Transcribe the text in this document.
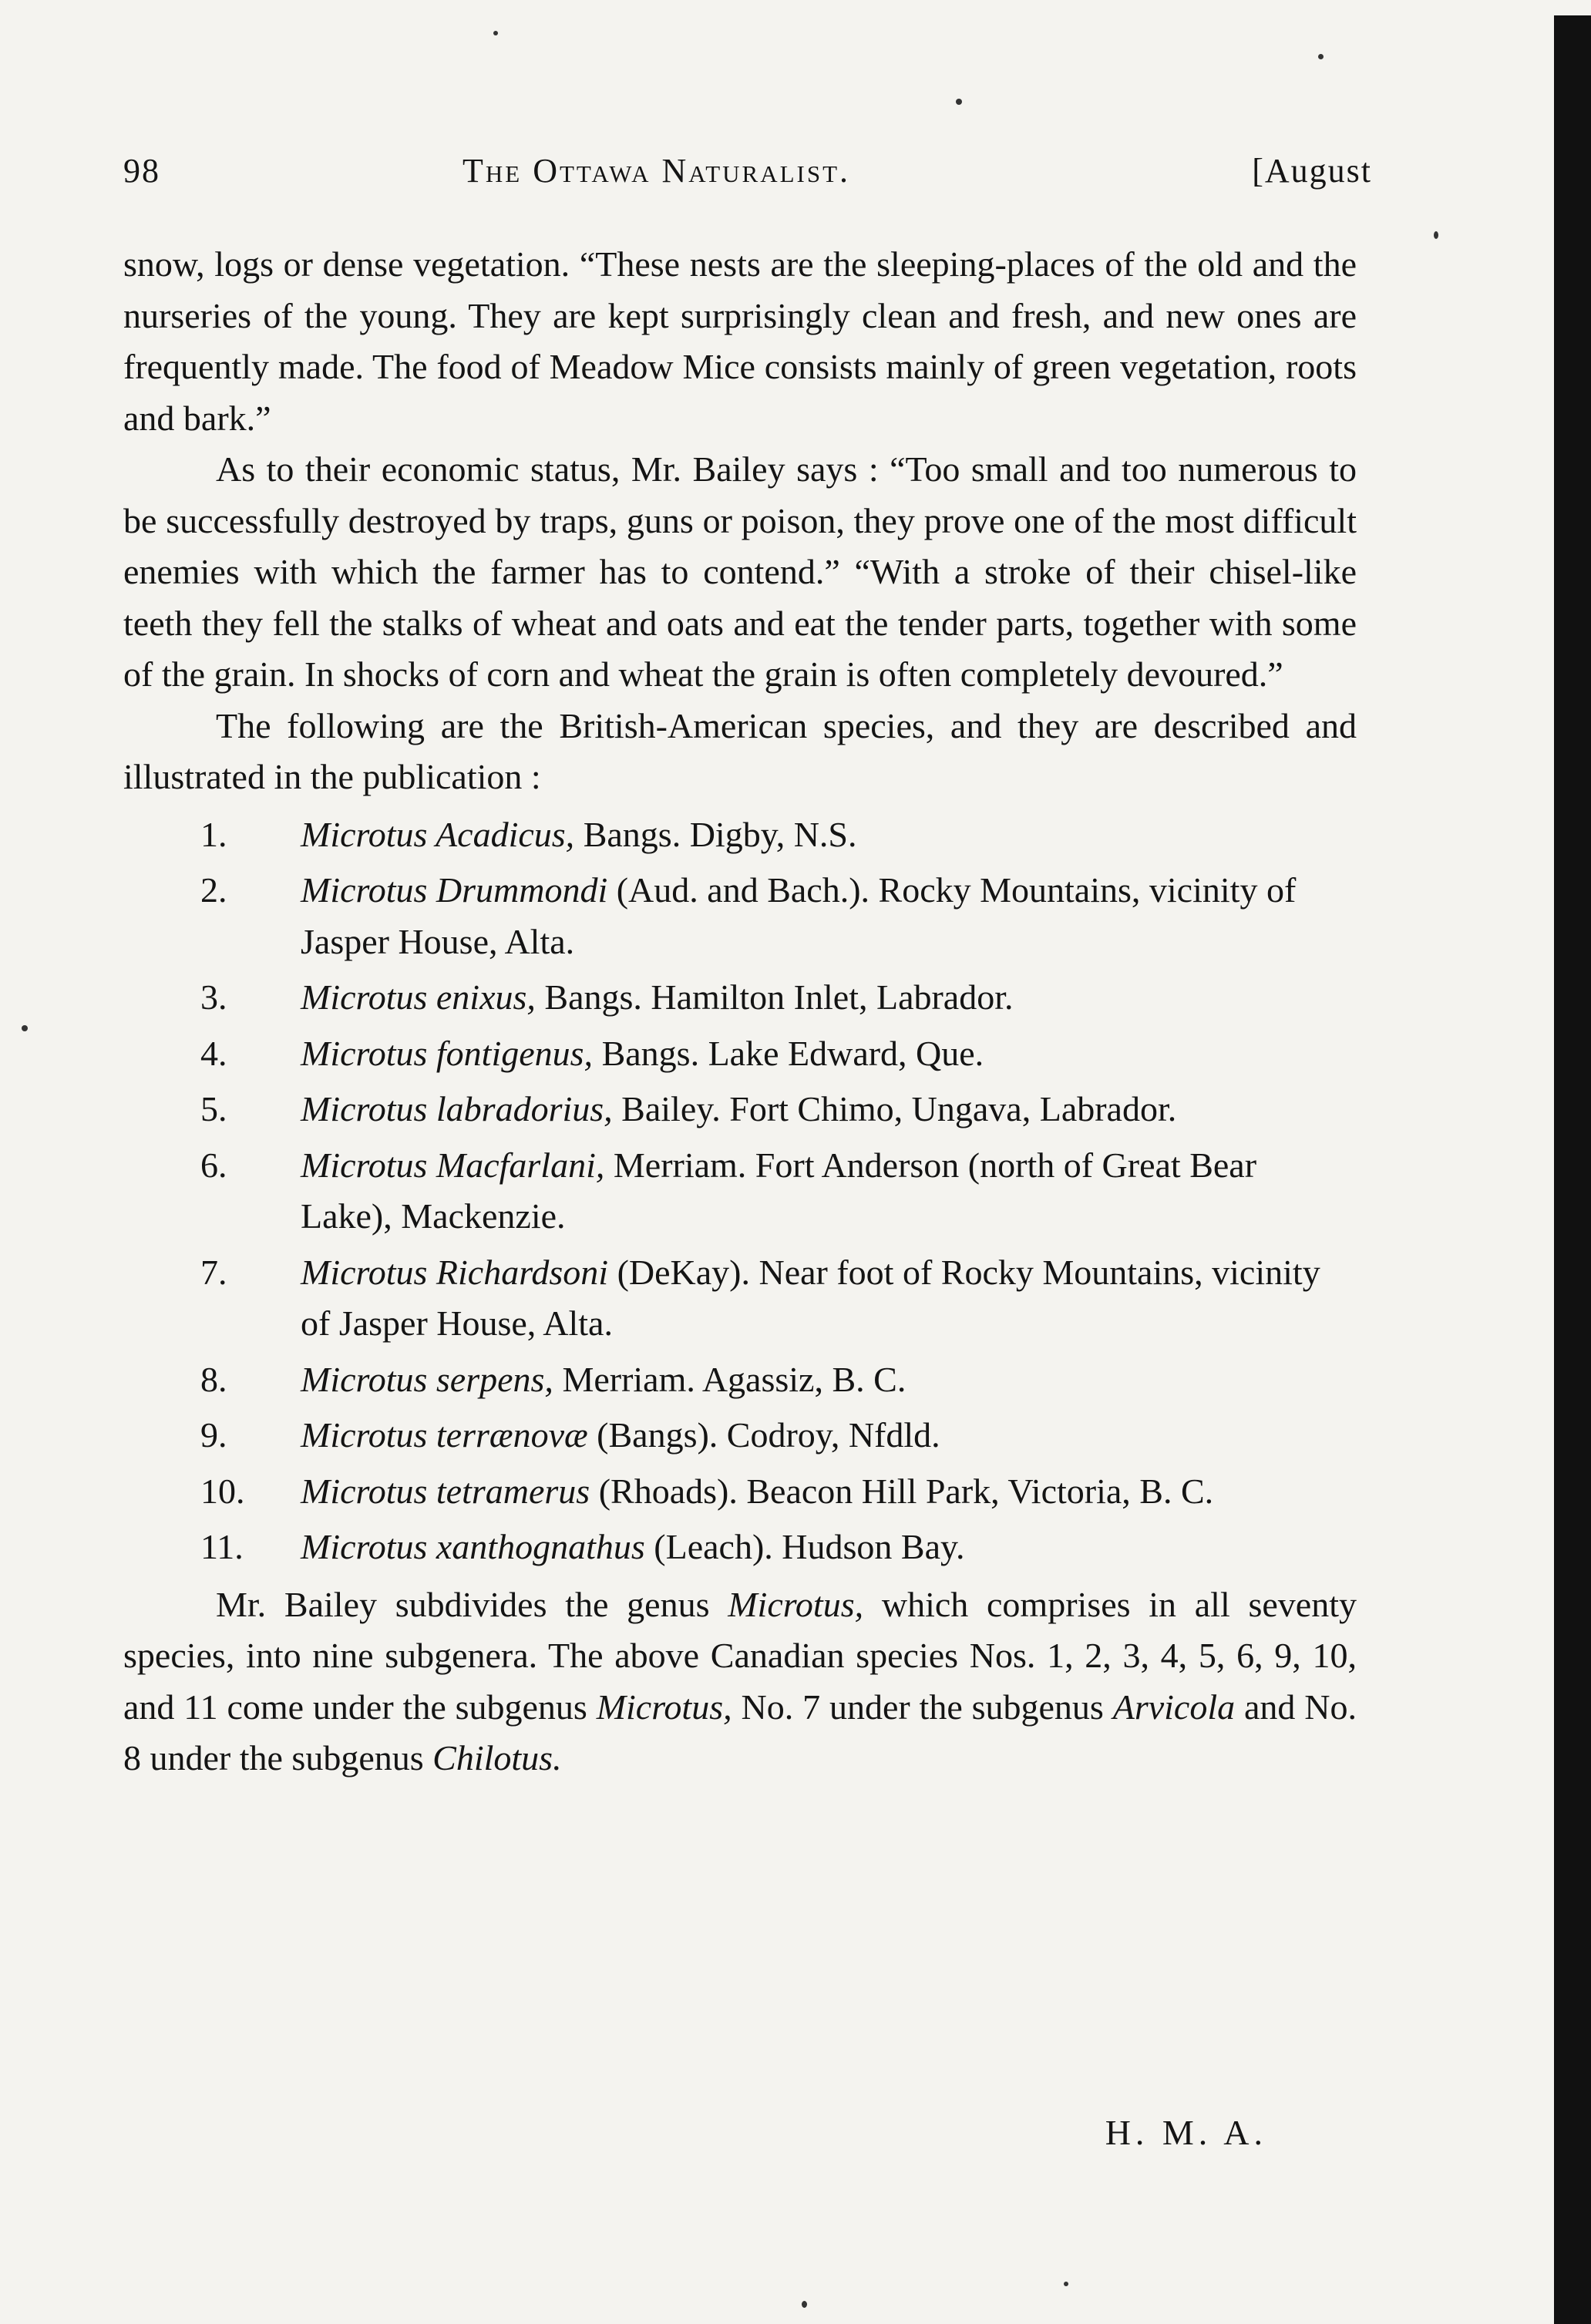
98	The Ottawa Naturalist.	[August

snow, logs or dense vegetation. “These nests are the sleeping-places of the old and the nurseries of the young. They are kept surprisingly clean and fresh, and new ones are frequently made. The food of Meadow Mice consists mainly of green vegetation, roots and bark.”

As to their economic status, Mr. Bailey says : “Too small and too numerous to be successfully destroyed by traps, guns or poison, they prove one of the most difficult enemies with which the farmer has to contend.” “With a stroke of their chisel-like teeth they fell the stalks of wheat and oats and eat the tender parts, together with some of the grain. In shocks of corn and wheat the grain is often completely devoured.”

The following are the British-American species, and they are described and illustrated in the publication :

1. Microtus Acadicus, Bangs. Digby, N.S.
2. Microtus Drummondi (Aud. and Bach.). Rocky Mountains, vicinity of Jasper House, Alta.
3. Microtus enixus, Bangs. Hamilton Inlet, Labrador.
4. Microtus fontigenus, Bangs. Lake Edward, Que.
5. Microtus labradorius, Bailey. Fort Chimo, Ungava, Labrador.
6. Microtus Macfarlani, Merriam. Fort Anderson (north of Great Bear Lake), Mackenzie.
7. Microtus Richardsoni (DeKay). Near foot of Rocky Mountains, vicinity of Jasper House, Alta.
8. Microtus serpens, Merriam. Agassiz, B. C.
9. Microtus terrænovæ (Bangs). Codroy, Nfdld.
10. Microtus tetramerus (Rhoads). Beacon Hill Park, Victoria, B. C.
11. Microtus xanthognathus (Leach). Hudson Bay.

Mr. Bailey subdivides the genus Microtus, which comprises in all seventy species, into nine subgenera. The above Canadian species Nos. 1, 2, 3, 4, 5, 6, 9, 10, and 11 come under the subgenus Microtus, No. 7 under the subgenus Arvicola and No. 8 under the subgenus Chilotus.

H. M. A.
